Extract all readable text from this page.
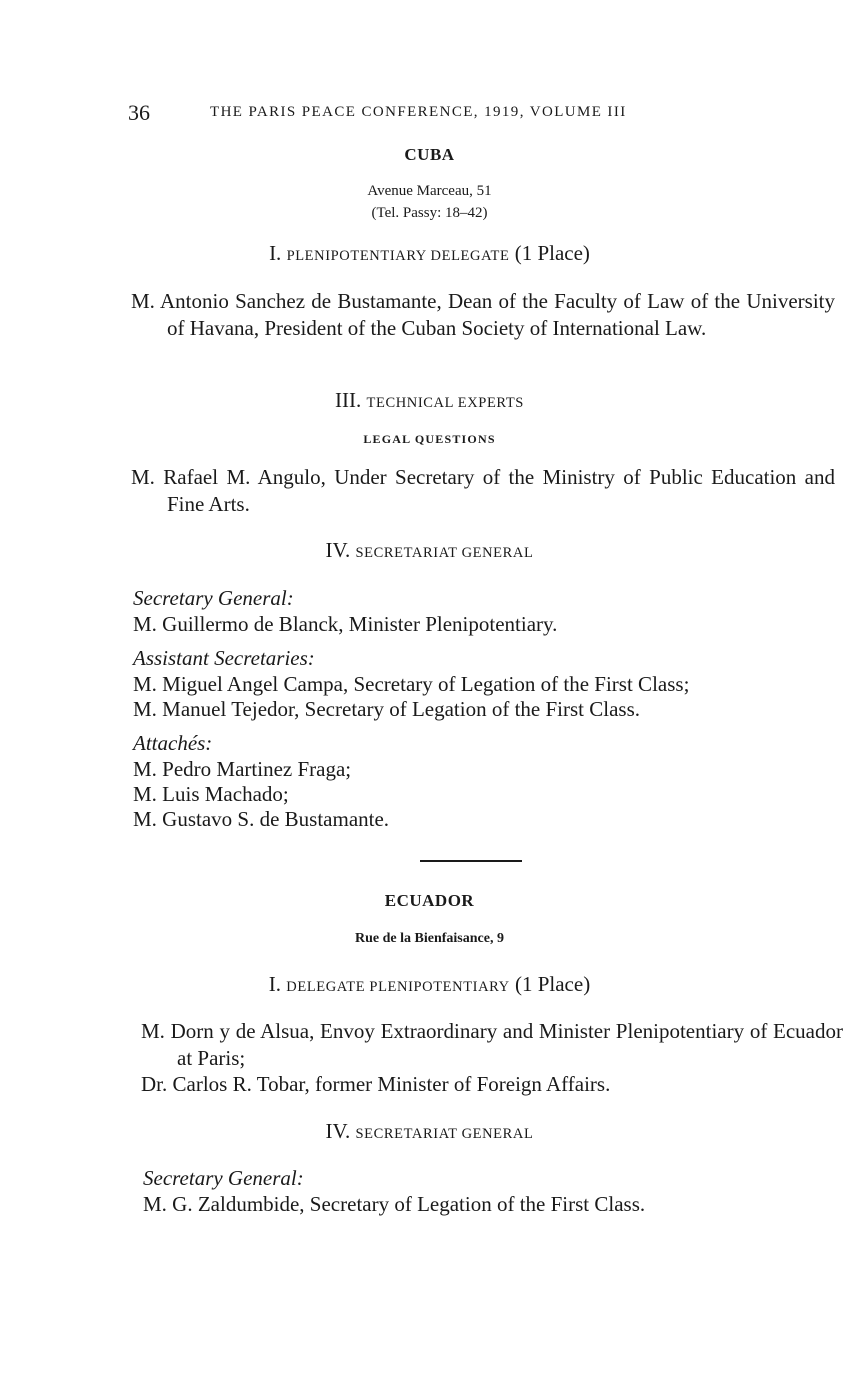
36	THE PARIS PEACE CONFERENCE, 1919, VOLUME III
CUBA
Avenue Marceau, 51
(Tel. Passy: 18–42)
I. PLENIPOTENTIARY DELEGATE (1 Place)
M. Antonio Sanchez de Bustamante, Dean of the Faculty of Law of the University of Havana, President of the Cuban Society of International Law.
III. TECHNICAL EXPERTS
LEGAL QUESTIONS
M. Rafael M. Angulo, Under Secretary of the Ministry of Public Education and Fine Arts.
IV. SECRETARIAT GENERAL
Secretary General:
M. Guillermo de Blanck, Minister Plenipotentiary.
Assistant Secretaries:
M. Miguel Angel Campa, Secretary of Legation of the First Class;
M. Manuel Tejedor, Secretary of Legation of the First Class.
Attachés:
M. Pedro Martinez Fraga;
M. Luis Machado;
M. Gustavo S. de Bustamante.
ECUADOR
Rue de la Bienfaisance, 9
I. DELEGATE PLENIPOTENTIARY (1 Place)
M. Dorn y de Alsua, Envoy Extraordinary and Minister Plenipotentiary of Ecuador at Paris;
Dr. Carlos R. Tobar, former Minister of Foreign Affairs.
IV. SECRETARIAT GENERAL
Secretary General:
M. G. Zaldumbide, Secretary of Legation of the First Class.
